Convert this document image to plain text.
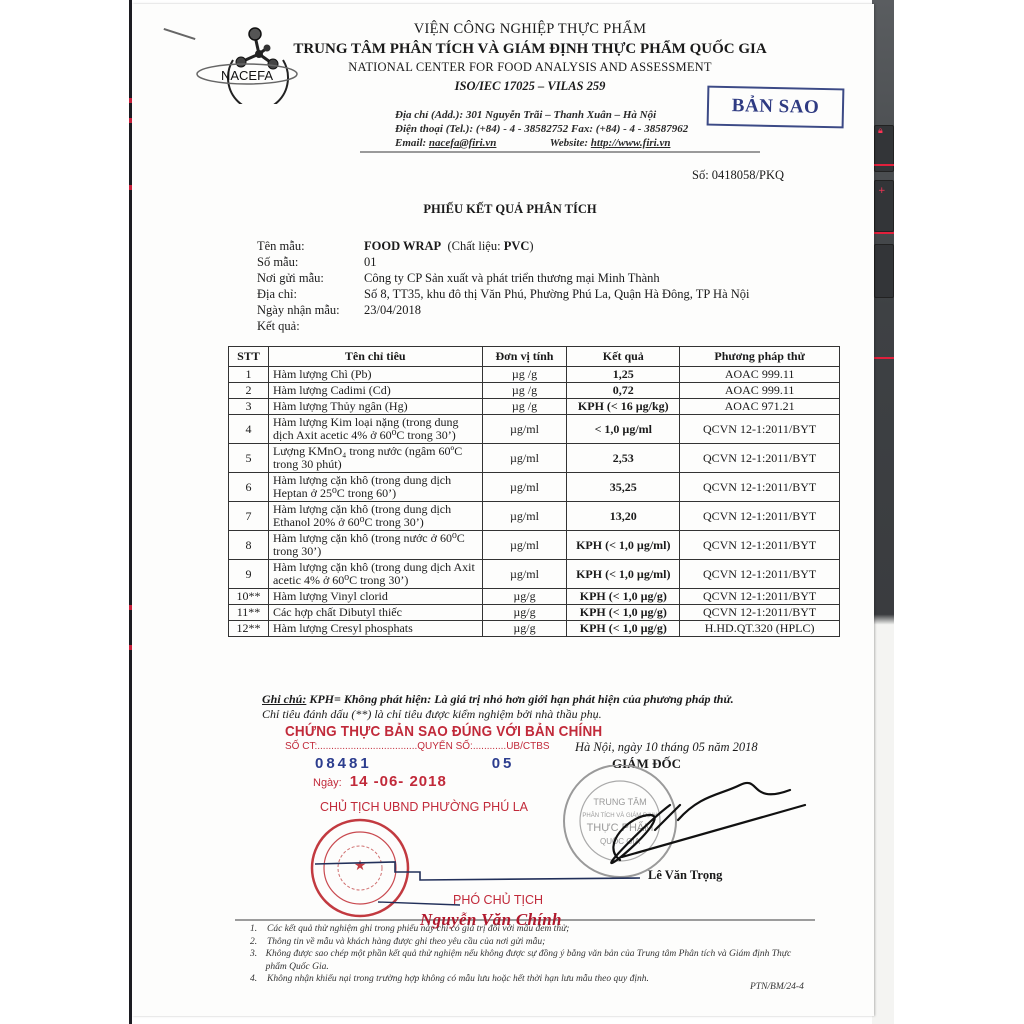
🔒︎
+
NACEFA
VIỆN CÔNG NGHIỆP THỰC PHẨM
TRUNG TÂM PHÂN TÍCH VÀ GIÁM ĐỊNH THỰC PHẨM QUỐC GIA
NATIONAL CENTER FOR FOOD ANALYSIS AND ASSESSMENT
ISO/IEC 17025 – VILAS 259
Địa chỉ (Add.): 301 Nguyễn Trãi – Thanh Xuân – Hà Nội
Điện thoại (Tel.): (+84) - 4 - 38582752 Fax: (+84) - 4 - 38587962
Email: nacefa@firi.vn	Website: http://www.firi.vn
BẢN SAO
Số: 0418058/PKQ
PHIẾU KẾT QUẢ PHÂN TÍCH
Tên mẫu:	FOOD WRAP (Chất liệu: PVC)
Số mẫu:	01
Nơi gửi mẫu:	Công ty CP Sản xuất và phát triển thương mại Minh Thành
Địa chỉ:	Số 8, TT35, khu đô thị Văn Phú, Phường Phú La, Quận Hà Đông, TP Hà Nội
Ngày nhận mẫu:	23/04/2018
Kết quả:
STT	Tên chỉ tiêu	Đơn vị tính	Kết quả	Phương pháp thử
1	Hàm lượng Chì (Pb)	µg /g	1,25	AOAC 999.11
2	Hàm lượng Cadimi (Cd)	µg /g	0,72	AOAC 999.11
3	Hàm lượng Thủy ngân (Hg)	µg /g	KPH (< 16 µg/kg)	AOAC 971.21
4	Hàm lượng Kim loại nặng (trong dung dịch Axit acetic 4% ở 60⁰C trong 30’)	µg/ml	< 1,0 µg/ml	QCVN 12-1:2011/BYT
5	Lượng KMnO₄ trong nước (ngâm 60ºC trong 30 phút)	µg/ml	2,53	QCVN 12-1:2011/BYT
6	Hàm lượng cặn khô (trong dung dịch Heptan ở 25⁰C trong 60’)	µg/ml	35,25	QCVN 12-1:2011/BYT
7	Hàm lượng cặn khô (trong dung dịch Ethanol 20% ở 60⁰C trong 30’)	µg/ml	13,20	QCVN 12-1:2011/BYT
8	Hàm lượng cặn khô (trong nước ở 60⁰C trong 30’)	µg/ml	KPH (< 1,0 µg/ml)	QCVN 12-1:2011/BYT
9	Hàm lượng cặn khô (trong dung dịch Axit acetic 4% ở 60⁰C trong 30’)	µg/ml	KPH (< 1,0 µg/ml)	QCVN 12-1:2011/BYT
10**	Hàm lượng Vinyl clorid	µg/g	KPH (< 1,0 µg/g)	QCVN 12-1:2011/BYT
11**	Các hợp chất Dibutyl thiếc	µg/g	KPH (< 1,0 µg/g)	QCVN 12-1:2011/BYT
12**	Hàm lượng Cresyl phosphats	µg/g	KPH (< 1,0 µg/g)	H.HD.QT.320 (HPLC)
Ghi chú: KPH= Không phát hiện: Là giá trị nhỏ hơn giới hạn phát hiện của phương pháp thử.
Chỉ tiêu đánh dấu (**) là chỉ tiêu được kiểm nghiệm bởi nhà thầu phụ.
CHỨNG THỰC BẢN SAO ĐÚNG VỚI BẢN CHÍNH
SỐ CT:....................................QUYỂN SỐ:............UB/CTBS
08481	05
Ngày: 14 -06- 2018
Hà Nội, ngày 10 tháng 05 năm 2018
GIÁM ĐỐC
TRUNG TÂM
PHÂN TÍCH VÀ GIÁM ĐỊNH
THỰC PHẨM
QUỐC GIA
Lê Văn Trọng
CHỦ TỊCH UBND PHƯỜNG PHÚ LA
★
PHÓ CHỦ TỊCH
Nguyễn Văn Chính
1.	Các kết quả thử nghiệm ghi trong phiếu này chỉ có giá trị đối với mẫu đem thử;
2.	Thông tin về mẫu và khách hàng được ghi theo yêu cầu của nơi gửi mẫu;
3. Không được sao chép một phần kết quả thử nghiệm nếu không được sự đồng ý bằng văn bản của Trung tâm Phân tích và Giám định Thực phẩm Quốc Gia.
4.	Không nhận khiếu nại trong trường hợp không có mẫu lưu hoặc hết thời hạn lưu mẫu theo quy định.
PTN/BM/24-4
